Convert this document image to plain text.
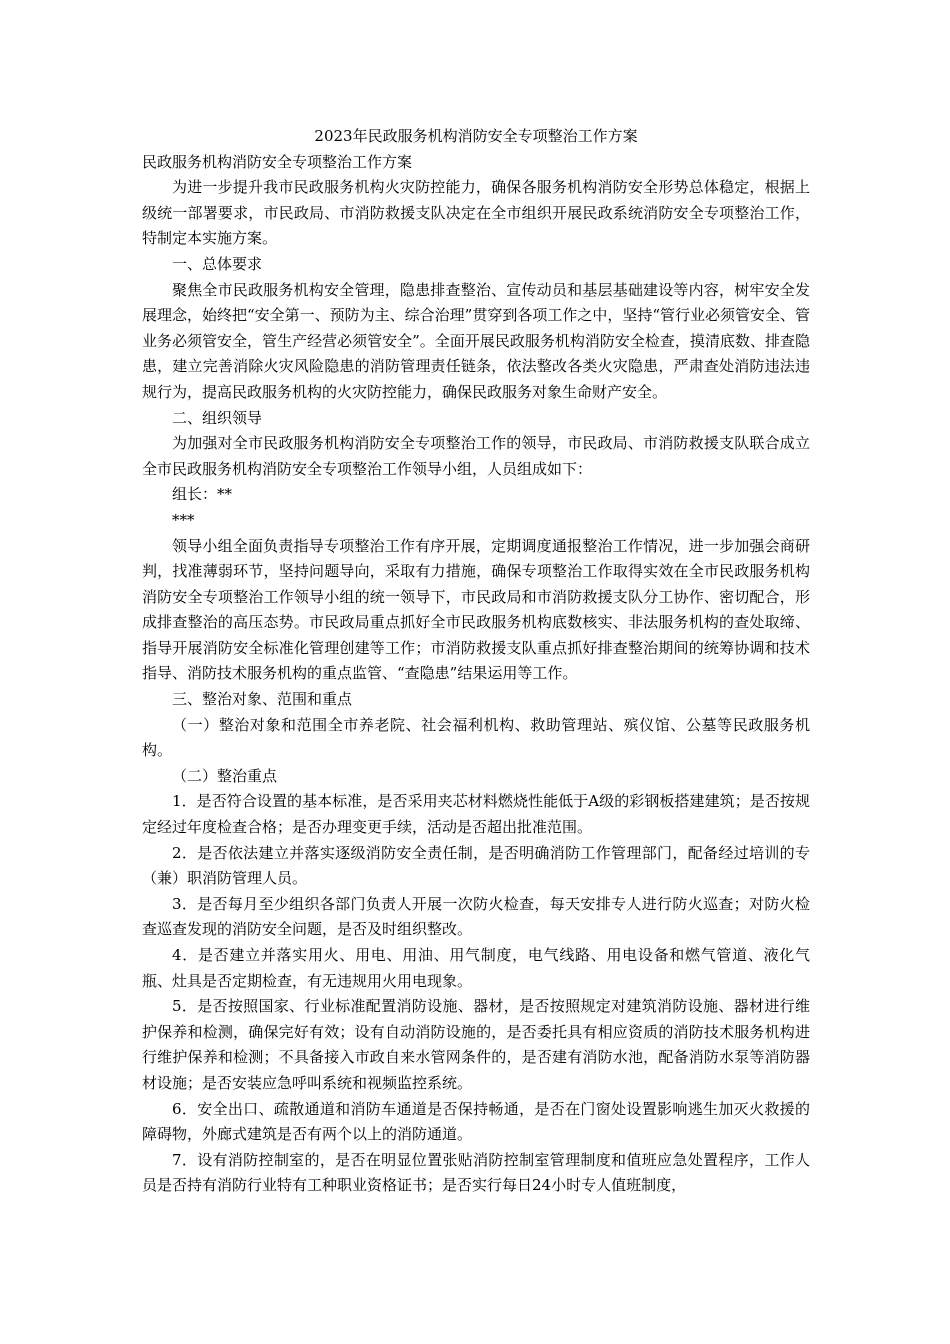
2023年民政服务机构消防安全专项整治工作方案

民政服务机构消防安全专项整治工作方案

为进一步提升我市民政服务机构火灾防控能力，确保各服务机构消防安全形势总体稳定，根据上级统一部署要求，市民政局、市消防救援支队决定在全市组织开展民政系统消防安全专项整治工作，特制定本实施方案。

一、总体要求

聚焦全市民政服务机构安全管理，隐患排查整治、宣传动员和基层基础建设等内容，树牢安全发展理念，始终把“安全第一、预防为主、综合治理”贯穿到各项工作之中，坚持“管行业必须管安全、管业务必须管安全，管生产经营必须管安全”。全面开展民政服务机构消防安全检查，摸清底数、排查隐患，建立完善消除火灾风险隐患的消防管理责任链条，依法整改各类火灾隐患，严肃查处消防违法违规行为，提高民政服务机构的火灾防控能力，确保民政服务对象生命财产安全。

二、组织领导

为加强对全市民政服务机构消防安全专项整治工作的领导，市民政局、市消防救援支队联合成立全市民政服务机构消防安全专项整治工作领导小组，人员组成如下：

组长：**

***

领导小组全面负责指导专项整治工作有序开展，定期调度通报整治工作情况，进一步加强会商研判，找准薄弱环节，坚持问题导向，采取有力措施，确保专项整治工作取得实效在全市民政服务机构消防安全专项整治工作领导小组的统一领导下，市民政局和市消防救援支队分工协作、密切配合，形成排查整治的高压态势。市民政局重点抓好全市民政服务机构底数核实、非法服务机构的查处取缔、指导开展消防安全标准化管理创建等工作；市消防救援支队重点抓好排查整治期间的统筹协调和技术指导、消防技术服务机构的重点监管、“查隐患”结果运用等工作。

三、整治对象、范围和重点

（一）整治对象和范围全市养老院、社会福利机构、救助管理站、殡仪馆、公墓等民政服务机构。

（二）整治重点

1．是否符合设置的基本标准，是否采用夹芯材料燃烧性能低于A级的彩钢板搭建建筑；是否按规定经过年度检查合格；是否办理变更手续，活动是否超出批准范围。

2．是否依法建立并落实逐级消防安全责任制，是否明确消防工作管理部门，配备经过培训的专（兼）职消防管理人员。

3．是否每月至少组织各部门负责人开展一次防火检查，每天安排专人进行防火巡查；对防火检查巡查发现的消防安全问题，是否及时组织整改。

4．是否建立并落实用火、用电、用油、用气制度，电气线路、用电设备和燃气管道、液化气瓶、灶具是否定期检查，有无违规用火用电现象。

5．是否按照国家、行业标准配置消防设施、器材，是否按照规定对建筑消防设施、器材进行维护保养和检测，确保完好有效；设有自动消防设施的，是否委托具有相应资质的消防技术服务机构进行维护保养和检测；不具备接入市政自来水管网条件的，是否建有消防水池，配备消防水泵等消防器材设施；是否安装应急呼叫系统和视频监控系统。

6．安全出口、疏散通道和消防车通道是否保持畅通，是否在门窗处设置影响逃生加灭火救援的障碍物，外廊式建筑是否有两个以上的消防通道。

7．设有消防控制室的，是否在明显位置张贴消防控制室管理制度和值班应急处置程序，工作人员是否持有消防行业特有工种职业资格证书；是否实行每日24小时专人值班制度，
